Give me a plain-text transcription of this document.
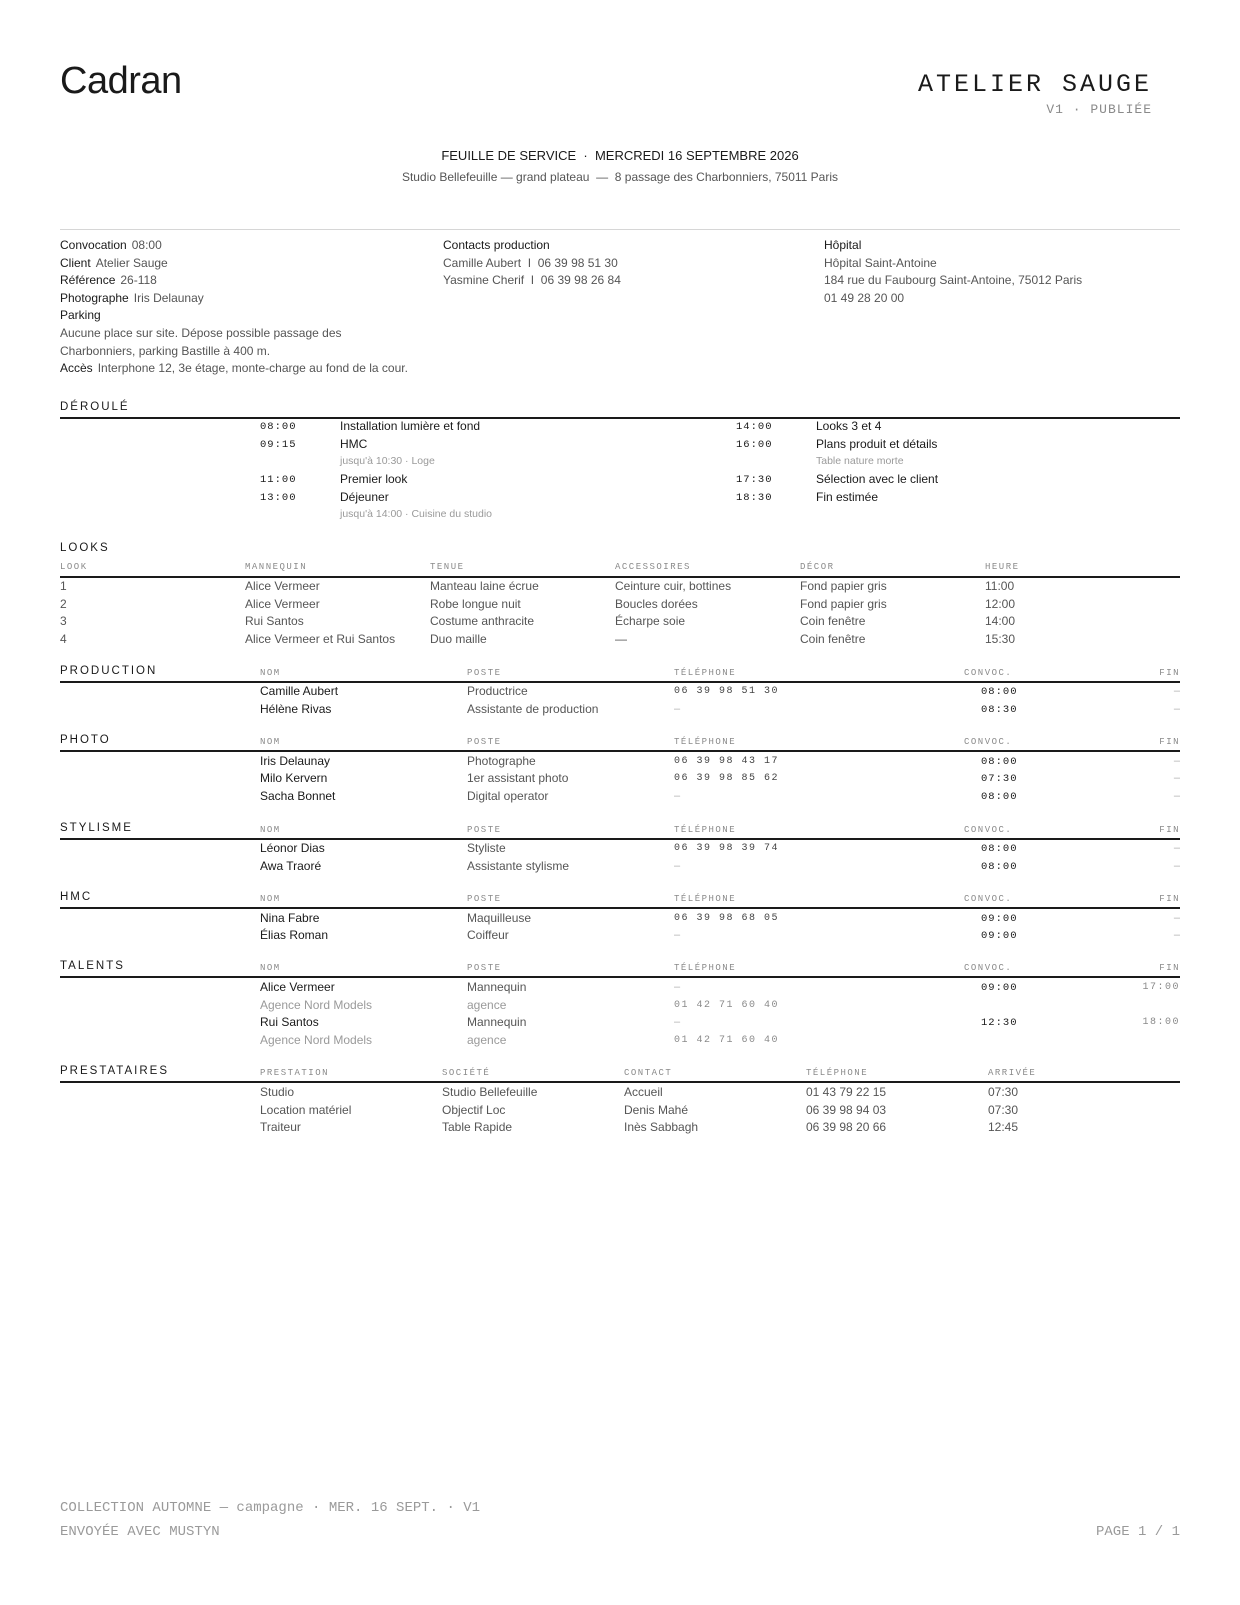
Cadran	ATELIER SAUGE
V1 · PUBLIÉE
FEUILLE DE SERVICE  ·  MERCREDI 16 SEPTEMBRE 2026
Studio Bellefeuille — grand plateau  —  8 passage des Charbonniers, 75011 Paris
Convocation 08:00
Client Atelier Sauge
Référence 26-118
Photographe Iris Delaunay
Parking
Aucune place sur site. Dépose possible passage des Charbonniers, parking Bastille à 400 m.
Accès Interphone 12, 3e étage, monte-charge au fond de la cour.
Contacts production
Camille Aubert  I  06 39 98 51 30
Yasmine Cherif  I  06 39 98 26 84
Hôpital
Hôpital Saint-Antoine
184 rue du Faubourg Saint-Antoine, 75012 Paris
01 49 28 20 00
DÉROULÉ
08:00	Installation lumière et fond
09:15	HMC
jusqu'à 10:30 · Loge
11:00	Premier look
13:00	Déjeuner
jusqu'à 14:00 · Cuisine du studio
14:00	Looks 3 et 4
16:00	Plans produit et détails
Table nature morte
17:30	Sélection avec le client
18:30	Fin estimée
LOOKS
LOOK	MANNEQUIN	TENUE	ACCESSOIRES	DÉCOR	HEURE
1	Alice Vermeer	Manteau laine écrue	Ceinture cuir, bottines	Fond papier gris	11:00
2	Alice Vermeer	Robe longue nuit	Boucles dorées	Fond papier gris	12:00
3	Rui Santos	Costume anthracite	Écharpe soie	Coin fenêtre	14:00
4	Alice Vermeer et Rui Santos	Duo maille	—	Coin fenêtre	15:30
PRODUCTION	NOM	POSTE	TÉLÉPHONE	CONVOC.	FIN
Camille Aubert	Productrice	06 39 98 51 30	08:00	–
Hélène Rivas	Assistante de production	–	08:30	–
PHOTO	NOM	POSTE	TÉLÉPHONE	CONVOC.	FIN
Iris Delaunay	Photographe	06 39 98 43 17	08:00	–
Milo Kervern	1er assistant photo	06 39 98 85 62	07:30	–
Sacha Bonnet	Digital operator	–	08:00	–
STYLISME	NOM	POSTE	TÉLÉPHONE	CONVOC.	FIN
Léonor Dias	Styliste	06 39 98 39 74	08:00	–
Awa Traoré	Assistante stylisme	–	08:00	–
HMC	NOM	POSTE	TÉLÉPHONE	CONVOC.	FIN
Nina Fabre	Maquilleuse	06 39 98 68 05	09:00	–
Élias Roman	Coiffeur	–	09:00	–
TALENTS	NOM	POSTE	TÉLÉPHONE	CONVOC.	FIN
Alice Vermeer	Mannequin	–	09:00	17:00
Agence Nord Models	agence	01 42 71 60 40
Rui Santos	Mannequin	–	12:30	18:00
Agence Nord Models	agence	01 42 71 60 40
PRESTATAIRES	PRESTATION	SOCIÉTÉ	CONTACT	TÉLÉPHONE	ARRIVÉE
Studio	Studio Bellefeuille	Accueil	01 43 79 22 15	07:30
Location matériel	Objectif Loc	Denis Mahé	06 39 98 94 03	07:30
Traiteur	Table Rapide	Inès Sabbagh	06 39 98 20 66	12:45
COLLECTION AUTOMNE — campagne · MER. 16 SEPT. · V1
ENVOYÉE AVEC MUSTYN	PAGE 1 / 1
